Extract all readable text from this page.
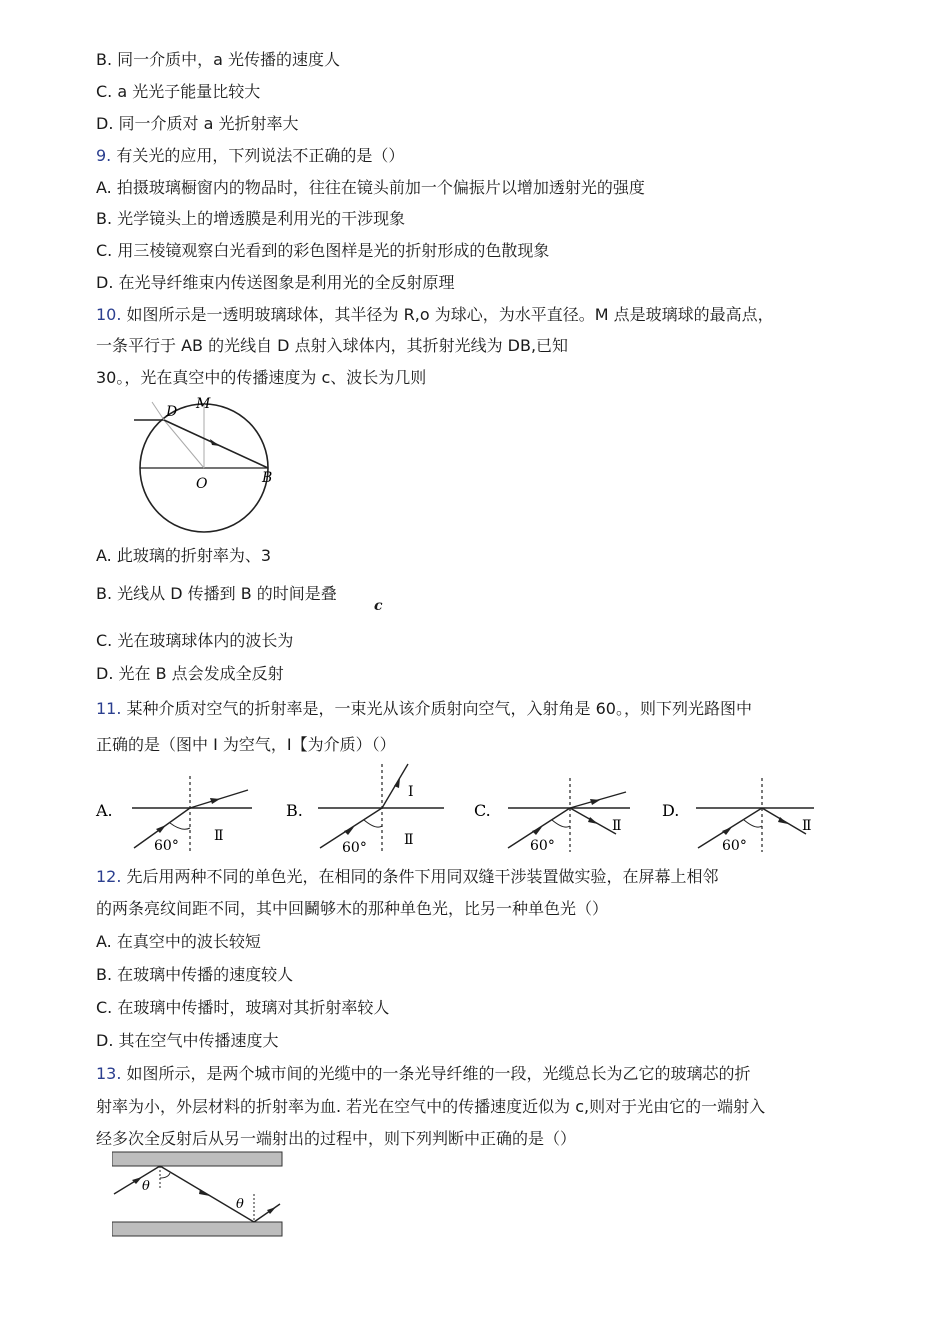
B. 同一介质中，a 光传播的速度人
C. a 光光子能量比较大
D. 同一介质对 a 光折射率大
9. 有关光的应用，下列说法不正确的是（）
A. 拍摄玻璃橱窗内的物品时，往往在镜头前加一个偏振片以增加透射光的强度
B. 光学镜头上的增透膜是利用光的干涉现象
C. 用三棱镜观察白光看到的彩色图样是光的折射形成的色散现象
D. 在光导纤维束内传送图象是利用光的全反射原理
10. 如图所示是一透明玻璃球体，其半径为 R,o 为球心，为水平直径。M 点是玻璃球的最高点，
一条平行于 AB 的光线自 D 点射入球体内，其折射光线为 DB,已知
30。，光在真空中的传播速度为 c、波长为几则
D M
O	B
A. 此玻璃的折射率为、3
B. 光线从 D 传播到 B 的时间是叠
c
C. 光在玻璃球体内的波长为
D. 光在 B 点会发成全反射
11. 某种介质对空气的折射率是，一束光从该介质射向空气，入射角是 60。，则下列光路图中
正确的是（图中 I 为空气，I【为介质）（）
A.
60°
Ⅱ
B.
60°
Ⅰ
Ⅱ
C.
60°
Ⅱ
D.
60°
Ⅱ
12. 先后用两种不同的单色光，在相同的条件下用同双缝干涉装置做实验，在屏幕上相邻
的两条亮纹间距不同，其中回鬭够木的那种单色光，比另一种单色光（）
A. 在真空中的波长较短
B. 在玻璃中传播的速度较人
C. 在玻璃中传播时，玻璃对其折射率较人
D. 其在空气中传播速度大
13. 如图所示，是两个城市间的光缆中的一条光导纤维的一段，光缆总长为乙它的玻璃芯的折
射率为小，外层材料的折射率为血. 若光在空气中的传播速度近似为 c,则对于光由它的一端射入
经多次全反射后从另一端射出的过程中，则下列判断中正确的是（）
θ
θ
